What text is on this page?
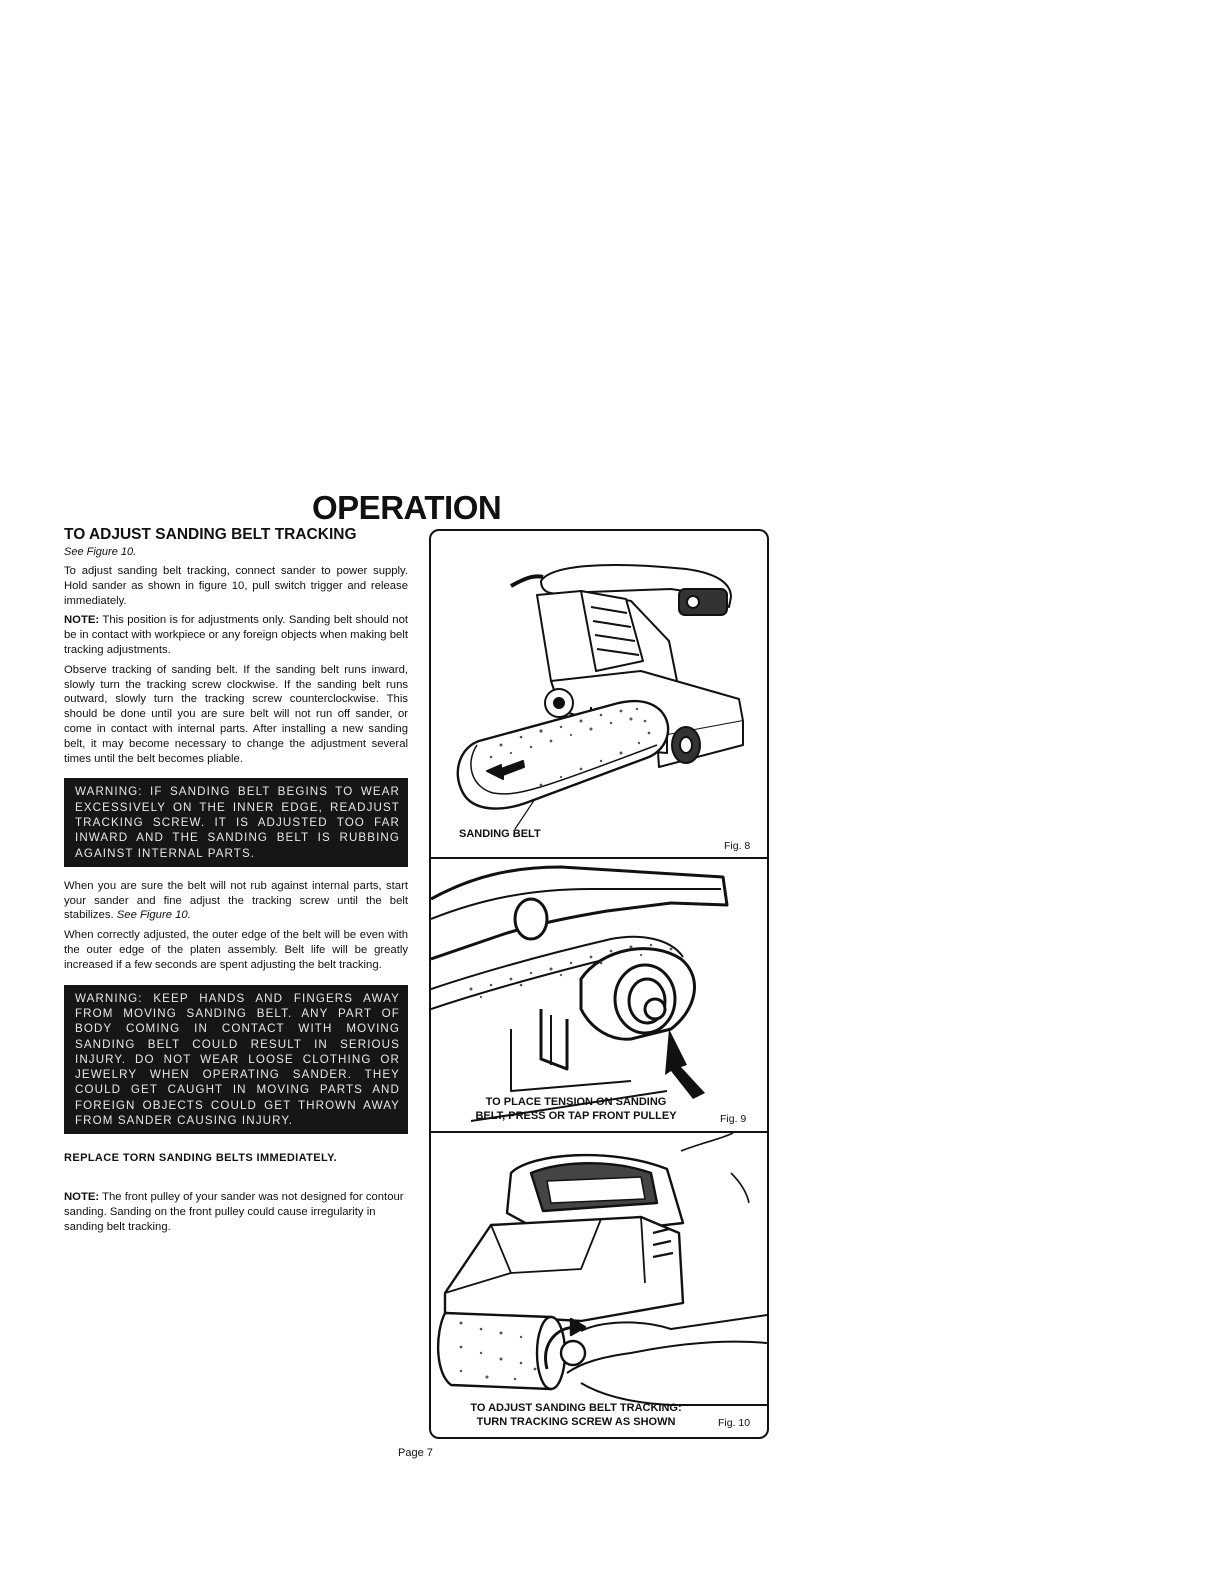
OPERATION
TO ADJUST SANDING BELT TRACKING
See Figure 10.

To adjust sanding belt tracking, connect sander to power supply. Hold sander as shown in figure 10, pull switch trigger and release immediately.

NOTE: This position is for adjustments only. Sanding belt should not be in contact with workpiece or any foreign objects when making belt tracking adjustments.

Observe tracking of sanding belt. If the sanding belt runs inward, slowly turn the tracking screw clockwise. If the sanding belt runs outward, slowly turn the tracking screw counterclockwise. This should be done until you are sure belt will not run off sander, or come in contact with internal parts. After installing a new sanding belt, it may become necessary to change the adjustment several times until the belt becomes pliable.

WARNING: IF SANDING BELT BEGINS TO WEAR EXCESSIVELY ON THE INNER EDGE, READJUST TRACKING SCREW. IT IS ADJUSTED TOO FAR INWARD AND THE SANDING BELT IS RUBBING AGAINST INTERNAL PARTS.

When you are sure the belt will not rub against internal parts, start your sander and fine adjust the tracking screw until the belt stabilizes. See Figure 10.

When correctly adjusted, the outer edge of the belt will be even with the outer edge of the platen assembly. Belt life will be greatly increased if a few seconds are spent adjusting the belt tracking.

WARNING: KEEP HANDS AND FINGERS AWAY FROM MOVING SANDING BELT. ANY PART OF BODY COMING IN CONTACT WITH MOVING SANDING BELT COULD RESULT IN SERIOUS INJURY. DO NOT WEAR LOOSE CLOTHING OR JEWELRY WHEN OPERATING SANDER. THEY COULD GET CAUGHT IN MOVING PARTS AND FOREIGN OBJECTS COULD GET THROWN AWAY FROM SANDER CAUSING INJURY.
REPLACE TORN SANDING BELTS IMMEDIATELY.

NOTE: The front pulley of your sander was not designed for contour sanding. Sanding on the front pulley could cause irregularity in sanding belt tracking.

SANDING BELT
Fig. 8
TO PLACE TENSION ON SANDING
BELT, PRESS OR TAP FRONT PULLEY	Fig. 9
TO ADJUST SANDING BELT TRACKING:
TURN TRACKING SCREW AS SHOWN	Fig. 10
Page 7
